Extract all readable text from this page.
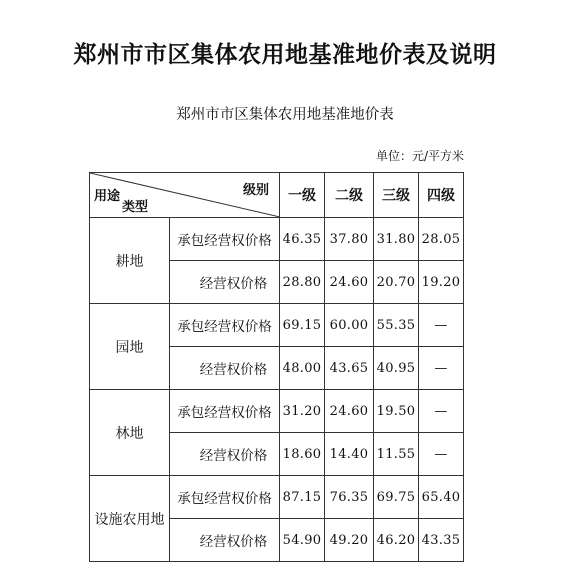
郑州市市区集体农用地基准地价表及说明
郑州市市区集体农用地基准地价表
单位：元/平方米
用途
类型
级别		一级	二级	三级	四级
耕地	承包经营权价格	46.35	37.80	31.80	28.05
	经营权价格	28.80	24.60	20.70	19.20
园地	承包经营权价格	69.15	60.00	55.35	—
	经营权价格	48.00	43.65	40.95	—
林地	承包经营权价格	31.20	24.60	19.50	—
	经营权价格	18.60	14.40	11.55	—
设施农用地	承包经营权价格	87.15	76.35	69.75	65.40
	经营权价格	54.90	49.20	46.20	43.35
